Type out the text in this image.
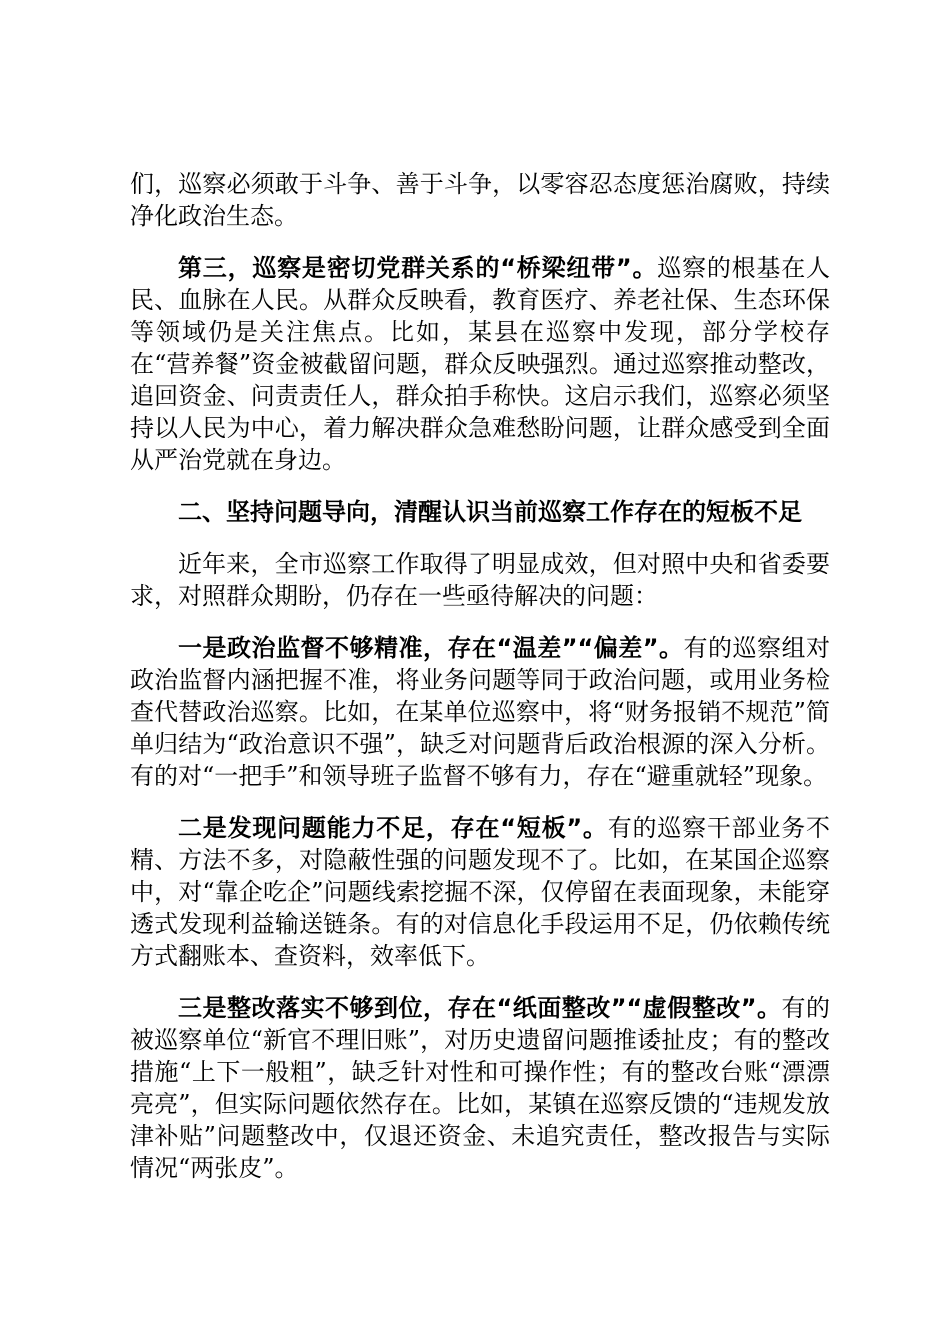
们，巡察必须敢于斗争、善于斗争，以零容忍态度惩治腐败，持续净化政治生态。

第三，巡察是密切党群关系的“桥梁纽带”。巡察的根基在人民、血脉在人民。从群众反映看，教育医疗、养老社保、生态环保等领域仍是关注焦点。比如，某县在巡察中发现，部分学校存在“营养餐”资金被截留问题，群众反映强烈。通过巡察推动整改，追回资金、问责责任人，群众拍手称快。这启示我们，巡察必须坚持以人民为中心，着力解决群众急难愁盼问题，让群众感受到全面从严治党就在身边。

二、坚持问题导向，清醒认识当前巡察工作存在的短板不足

近年来，全市巡察工作取得了明显成效，但对照中央和省委要求，对照群众期盼，仍存在一些亟待解决的问题：

一是政治监督不够精准，存在“温差”“偏差”。有的巡察组对政治监督内涵把握不准，将业务问题等同于政治问题，或用业务检查代替政治巡察。比如，在某单位巡察中，将“财务报销不规范”简单归结为“政治意识不强”，缺乏对问题背后政治根源的深入分析。有的对“一把手”和领导班子监督不够有力，存在“避重就轻”现象。

二是发现问题能力不足，存在“短板”。有的巡察干部业务不精、方法不多，对隐蔽性强的问题发现不了。比如，在某国企巡察中，对“靠企吃企”问题线索挖掘不深，仅停留在表面现象，未能穿透式发现利益输送链条。有的对信息化手段运用不足，仍依赖传统方式翻账本、查资料，效率低下。

三是整改落实不够到位，存在“纸面整改”“虚假整改”。有的被巡察单位“新官不理旧账”，对历史遗留问题推诿扯皮；有的整改措施“上下一般粗”，缺乏针对性和可操作性；有的整改台账“漂漂亮亮”，但实际问题依然存在。比如，某镇在巡察反馈的“违规发放津补贴”问题整改中，仅退还资金、未追究责任，整改报告与实际情况“两张皮”。
